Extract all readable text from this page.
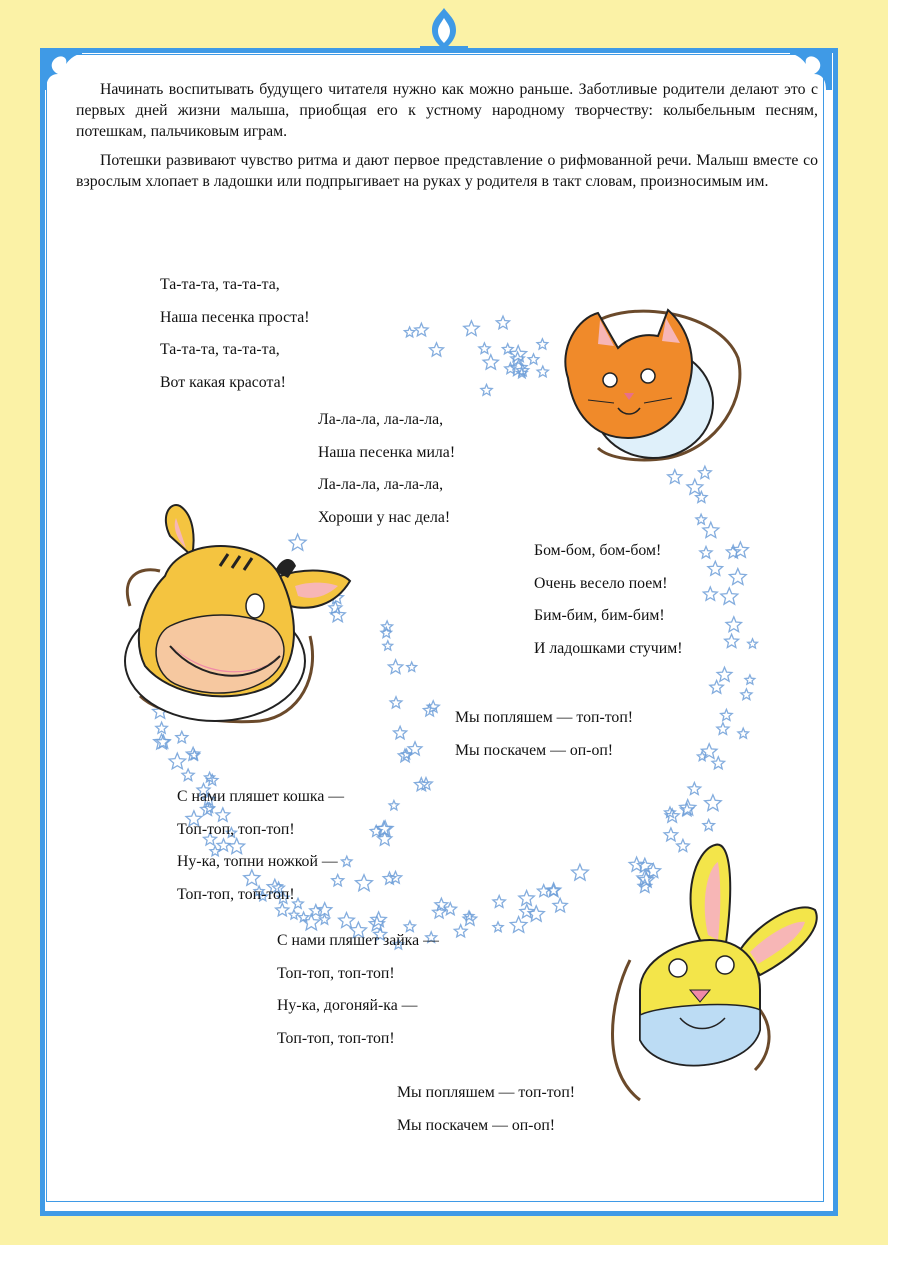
Начинать воспитывать будущего читателя нужно как можно раньше. Заботливые родители делают это с первых дней жизни малыша, приобщая его к устному народному творчеству: колыбельным песням, потешкам, пальчиковым играм.

Потешки развивают чувство ритма и дают первое представление о рифмованной речи. Малыш вместе со взрослым хлопает в ладошки или подпрыгивает на руках у родителя в такт словам, произносимым им.

Та-та-та, та-та-та,
Наша песенка проста!
Та-та-та, та-та-та,
Вот какая красота!
Ла-ла-ла, ла-ла-ла,
Наша песенка мила!
Ла-ла-ла, ла-ла-ла,
Хороши у нас дела!
Бом-бом, бом-бом!
Очень весело поем!
Бим-бим, бим-бим!
И ладошками стучим!
Мы попляшем — топ-топ!
Мы поскачем — оп-оп!
С нами пляшет кошка —
Топ-топ, топ-топ!
Ну-ка, топни ножкой —
Топ-топ, топ-топ!
С нами пляшет зайка —
Топ-топ, топ-топ!
Ну-ка, догоняй-ка —
Топ-топ, топ-топ!
Мы попляшем — топ-топ!
Мы поскачем — оп-оп!
